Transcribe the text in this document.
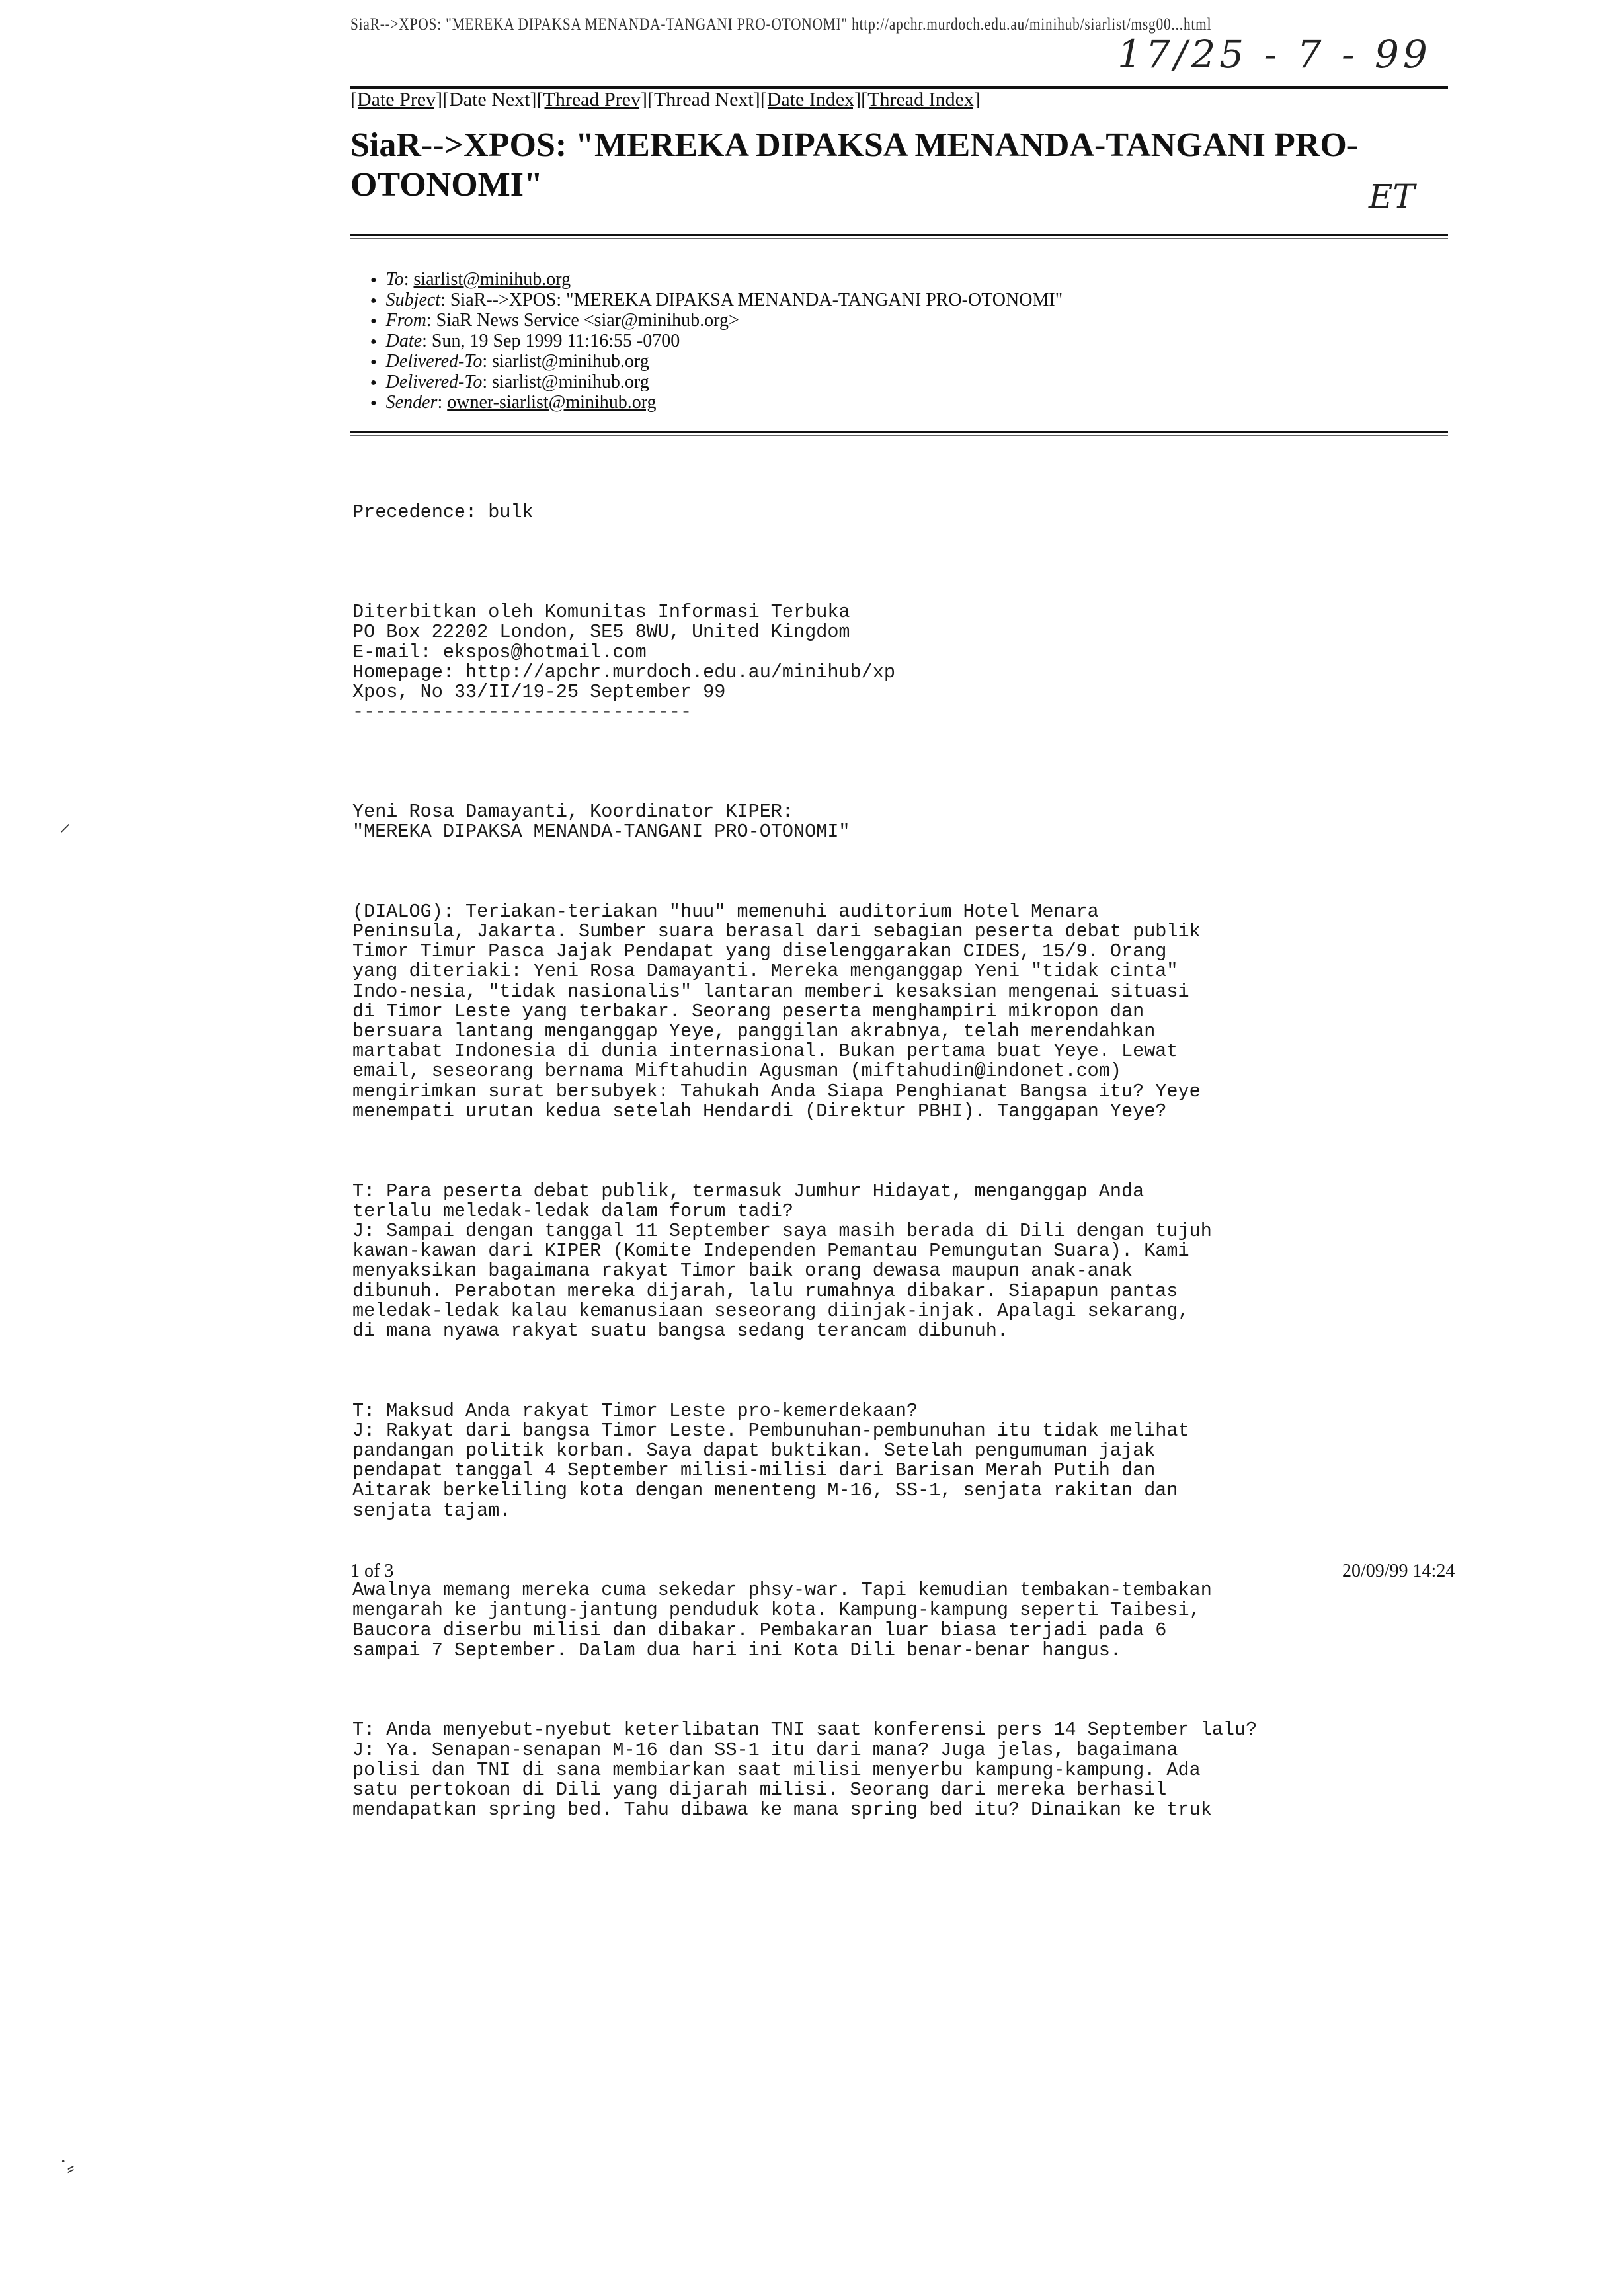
SiaR-->XPOS: "MEREKA DIPAKSA MENANDA-TANGANI PRO-OTONOMI" http://apchr.murdoch.edu.au/minihub/siarlist/msg00...html
17/25 - 7 - 99
[Date Prev][Date Next][Thread Prev][Thread Next][Date Index][Thread Index]
SiaR-->XPOS: "MEREKA DIPAKSA MENANDA-TANGANI PRO-OTONOMI"	ET
● To: siarlist@minihub.org
● Subject: SiaR-->XPOS: "MEREKA DIPAKSA MENANDA-TANGANI PRO-OTONOMI"
● From: SiaR News Service <siar@minihub.org>
● Date: Sun, 19 Sep 1999 11:16:55 -0700
● Delivered-To: siarlist@minihub.org
● Delivered-To: siarlist@minihub.org
● Sender: owner-siarlist@minihub.org

Precedence: bulk

Diterbitkan oleh Komunitas Informasi Terbuka
PO Box 22202 London, SE5 8WU, United Kingdom
E-mail: ekspos@hotmail.com
Homepage: http://apchr.murdoch.edu.au/minihub/xp
Xpos, No 33/II/19-25 September 99
------------------------------

Yeni Rosa Damayanti, Koordinator KIPER:
"MEREKA DIPAKSA MENANDA-TANGANI PRO-OTONOMI"

(DIALOG): Teriakan-teriakan "huu" memenuhi auditorium Hotel Menara
Peninsula, Jakarta. Sumber suara berasal dari sebagian peserta debat publik
Timor Timur Pasca Jajak Pendapat yang diselenggarakan CIDES, 15/9. Orang
yang diteriaki: Yeni Rosa Damayanti. Mereka menganggap Yeni "tidak cinta"
Indo-nesia, "tidak nasionalis" lantaran memberi kesaksian mengenai situasi
di Timor Leste yang terbakar. Seorang peserta menghampiri mikropon dan
bersuara lantang menganggap Yeye, panggilan akrabnya, telah merendahkan
martabat Indonesia di dunia internasional. Bukan pertama buat Yeye. Lewat
email, seseorang bernama Miftahudin Agusman (miftahudin@indonet.com)
mengirimkan surat bersubyek: Tahukah Anda Siapa Penghianat Bangsa itu? Yeye
menempati urutan kedua setelah Hendardi (Direktur PBHI). Tanggapan Yeye?

T: Para peserta debat publik, termasuk Jumhur Hidayat, menganggap Anda
terlalu meledak-ledak dalam forum tadi?
J: Sampai dengan tanggal 11 September saya masih berada di Dili dengan tujuh
kawan-kawan dari KIPER (Komite Independen Pemantau Pemungutan Suara). Kami
menyaksikan bagaimana rakyat Timor baik orang dewasa maupun anak-anak
dibunuh. Perabotan mereka dijarah, lalu rumahnya dibakar. Siapapun pantas
meledak-ledak kalau kemanusiaan seseorang diinjak-injak. Apalagi sekarang,
di mana nyawa rakyat suatu bangsa sedang terancam dibunuh.

T: Maksud Anda rakyat Timor Leste pro-kemerdekaan?
J: Rakyat dari bangsa Timor Leste. Pembunuhan-pembunuhan itu tidak melihat
pandangan politik korban. Saya dapat buktikan. Setelah pengumuman jajak
pendapat tanggal 4 September milisi-milisi dari Barisan Merah Putih dan
Aitarak berkeliling kota dengan menenteng M-16, SS-1, senjata rakitan dan
senjata tajam.

Awalnya memang mereka cuma sekedar phsy-war. Tapi kemudian tembakan-tembakan
mengarah ke jantung-jantung penduduk kota. Kampung-kampung seperti Taibesi,
Baucora diserbu milisi dan dibakar. Pembakaran luar biasa terjadi pada 6
sampai 7 September. Dalam dua hari ini Kota Dili benar-benar hangus.

T: Anda menyebut-nyebut keterlibatan TNI saat konferensi pers 14 September lalu?
J: Ya. Senapan-senapan M-16 dan SS-1 itu dari mana? Juga jelas, bagaimana
polisi dan TNI di sana membiarkan saat milisi menyerbu kampung-kampung. Ada
satu pertokoan di Dili yang dijarah milisi. Seorang dari mereka berhasil
mendapatkan spring bed. Tahu dibawa ke mana spring bed itu? Dinaikan ke truk

⸝
˙⸗
1 of 3	20/09/99 14:24
